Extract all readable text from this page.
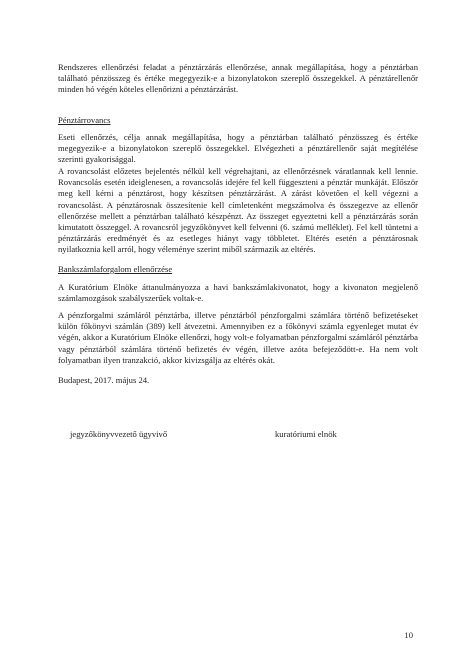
Rendszeres ellenőrzési feladat a pénztárzárás ellenőrzése, annak megállapítása, hogy a pénztárban
található pénzösszeg és értéke megegyezik-e a bizonylatokon szereplő összegekkel. A pénztárellenőr
minden hó végén köteles ellenőrizni a pénztárzárást.

Pénztárrovancs

Eseti ellenőrzés, célja annak megállapítása, hogy a pénztárban található pénzösszeg és értéke
megegyezik-e a bizonylatokon szereplő összegekkel. Elvégezheti a pénztárellenőr saját megítélése
szerinti gyakorisággal.
A rovancsolást előzetes bejelentés nélkül kell végrehajtani, az ellenőrzésnek váratlannak kell lennie.
Rovancsolás esetén ideiglenesen, a rovancsolás idejére fel kell függeszteni a pénztár munkáját. Először
meg kell kérni a pénztárost, hogy készítsen pénztárzárást. A zárást követően el kell végezni a
rovancsolást. A pénztárosnak összesítenie kell címletenként megszámolva és összegezve az ellenőr
ellenőrzése mellett a pénztárban található készpénzt. Az összeget egyeztetni kell a pénztárzárás során
kimutatott összeggel. A rovancsról jegyzőkönyvet kell felvenni (6. számú melléklet). Fel kell tüntetni a
pénztárzárás eredményét és az esetleges hiányt vagy többletet. Eltérés esetén a pénztárosnak
nyilatkoznia kell arról, hogy véleménye szerint miből származik az eltérés.

Bankszámlaforgalom ellenőrzése

A Kuratórium Elnöke áttanulmányozza a havi bankszámlakivonatot, hogy a kivonaton megjelenő
számlamozgások szabályszerűek voltak-e.
A pénzforgalmi számláról pénztárba, illetve pénztárból pénzforgalmi számlára történő befizetéseket
külön főkönyvi számlán (389) kell átvezetni. Amennyiben ez a főkönyvi számla egyenleget mutat év
végén, akkor a Kuratórium Elnöke ellenőrzi, hogy volt-e folyamatban pénzforgalmi számláról pénztárba
vagy pénztárból számlára történő befizetés év végén, illetve azóta befejeződött-e. Ha nem volt
folyamatban ilyen tranzakció, akkor kivizsgálja az eltérés okát.

Budapest, 2017. május 24.

jegyzőkönyvvezető ügyvivő	kuratóriumi elnök

10
